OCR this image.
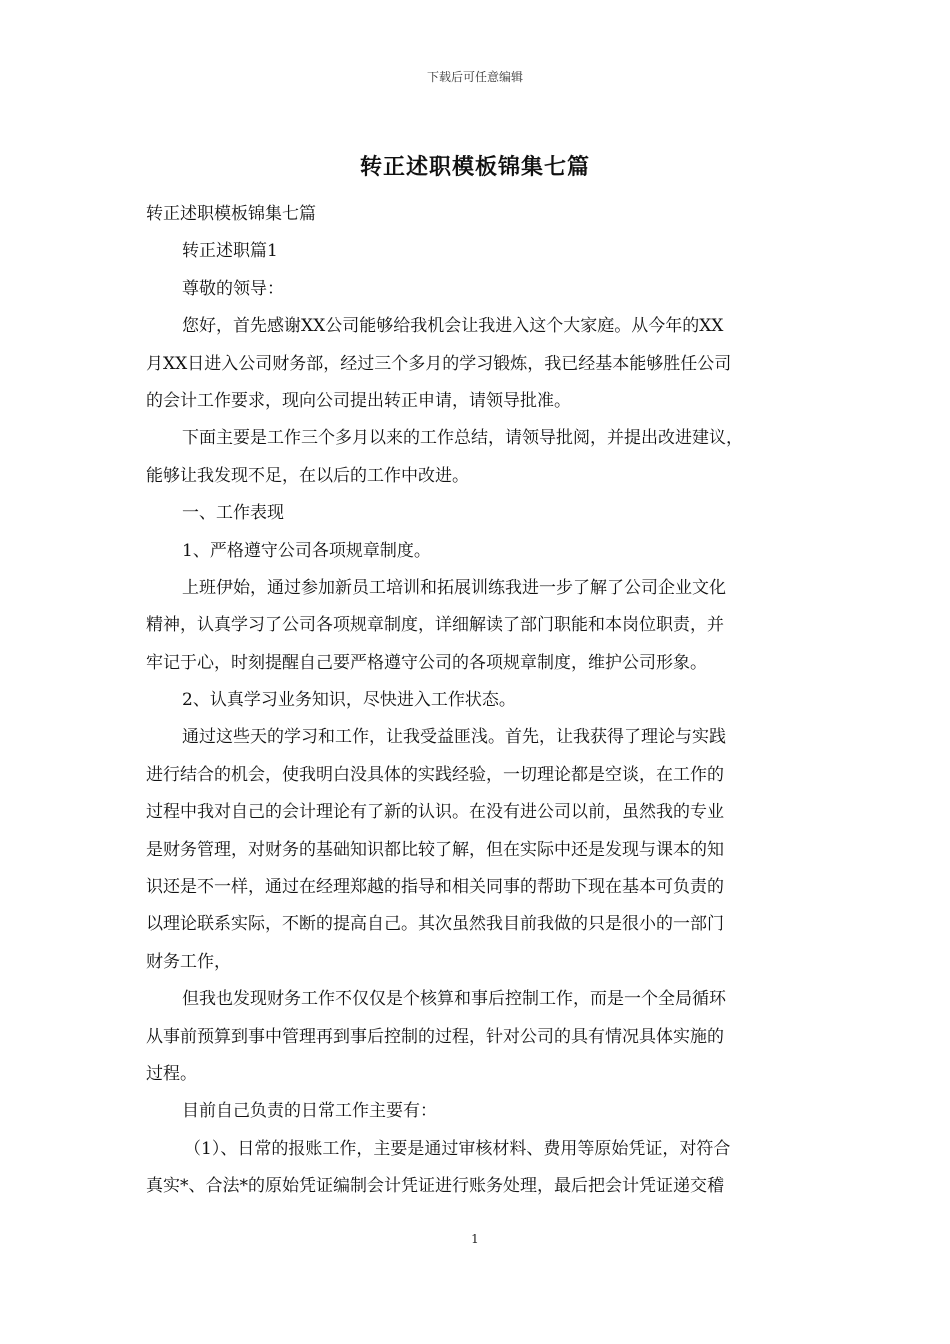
下载后可任意编辑
转正述职模板锦集七篇
转正述职模板锦集七篇
转正述职篇1
尊敬的领导：
您好，首先感谢XX公司能够给我机会让我进入这个大家庭。从今年的XX
月XX日进入公司财务部，经过三个多月的学习锻炼，我已经基本能够胜任公司
的会计工作要求，现向公司提出转正申请，请领导批准。
下面主要是工作三个多月以来的工作总结，请领导批阅，并提出改进建议，
能够让我发现不足，在以后的工作中改进。
一、工作表现
1、严格遵守公司各项规章制度。
上班伊始，通过参加新员工培训和拓展训练我进一步了解了公司企业文化
精神，认真学习了公司各项规章制度，详细解读了部门职能和本岗位职责，并
牢记于心，时刻提醒自己要严格遵守公司的各项规章制度，维护公司形象。
2、认真学习业务知识，尽快进入工作状态。
通过这些天的学习和工作，让我受益匪浅。首先，让我获得了理论与实践
进行结合的机会，使我明白没具体的实践经验，一切理论都是空谈，在工作的
过程中我对自己的会计理论有了新的认识。在没有进公司以前，虽然我的专业
是财务管理，对财务的基础知识都比较了解，但在实际中还是发现与课本的知
识还是不一样，通过在经理郑越的指导和相关同事的帮助下现在基本可负责的
以理论联系实际，不断的提高自己。其次虽然我目前我做的只是很小的一部门
财务工作，
但我也发现财务工作不仅仅是个核算和事后控制工作，而是一个全局循环
从事前预算到事中管理再到事后控制的过程，针对公司的具有情况具体实施的
过程。
目前自己负责的日常工作主要有：
（1）、日常的报账工作，主要是通过审核材料、费用等原始凭证，对符合
真实*、合法*的原始凭证编制会计凭证进行账务处理，最后把会计凭证递交稽
1
